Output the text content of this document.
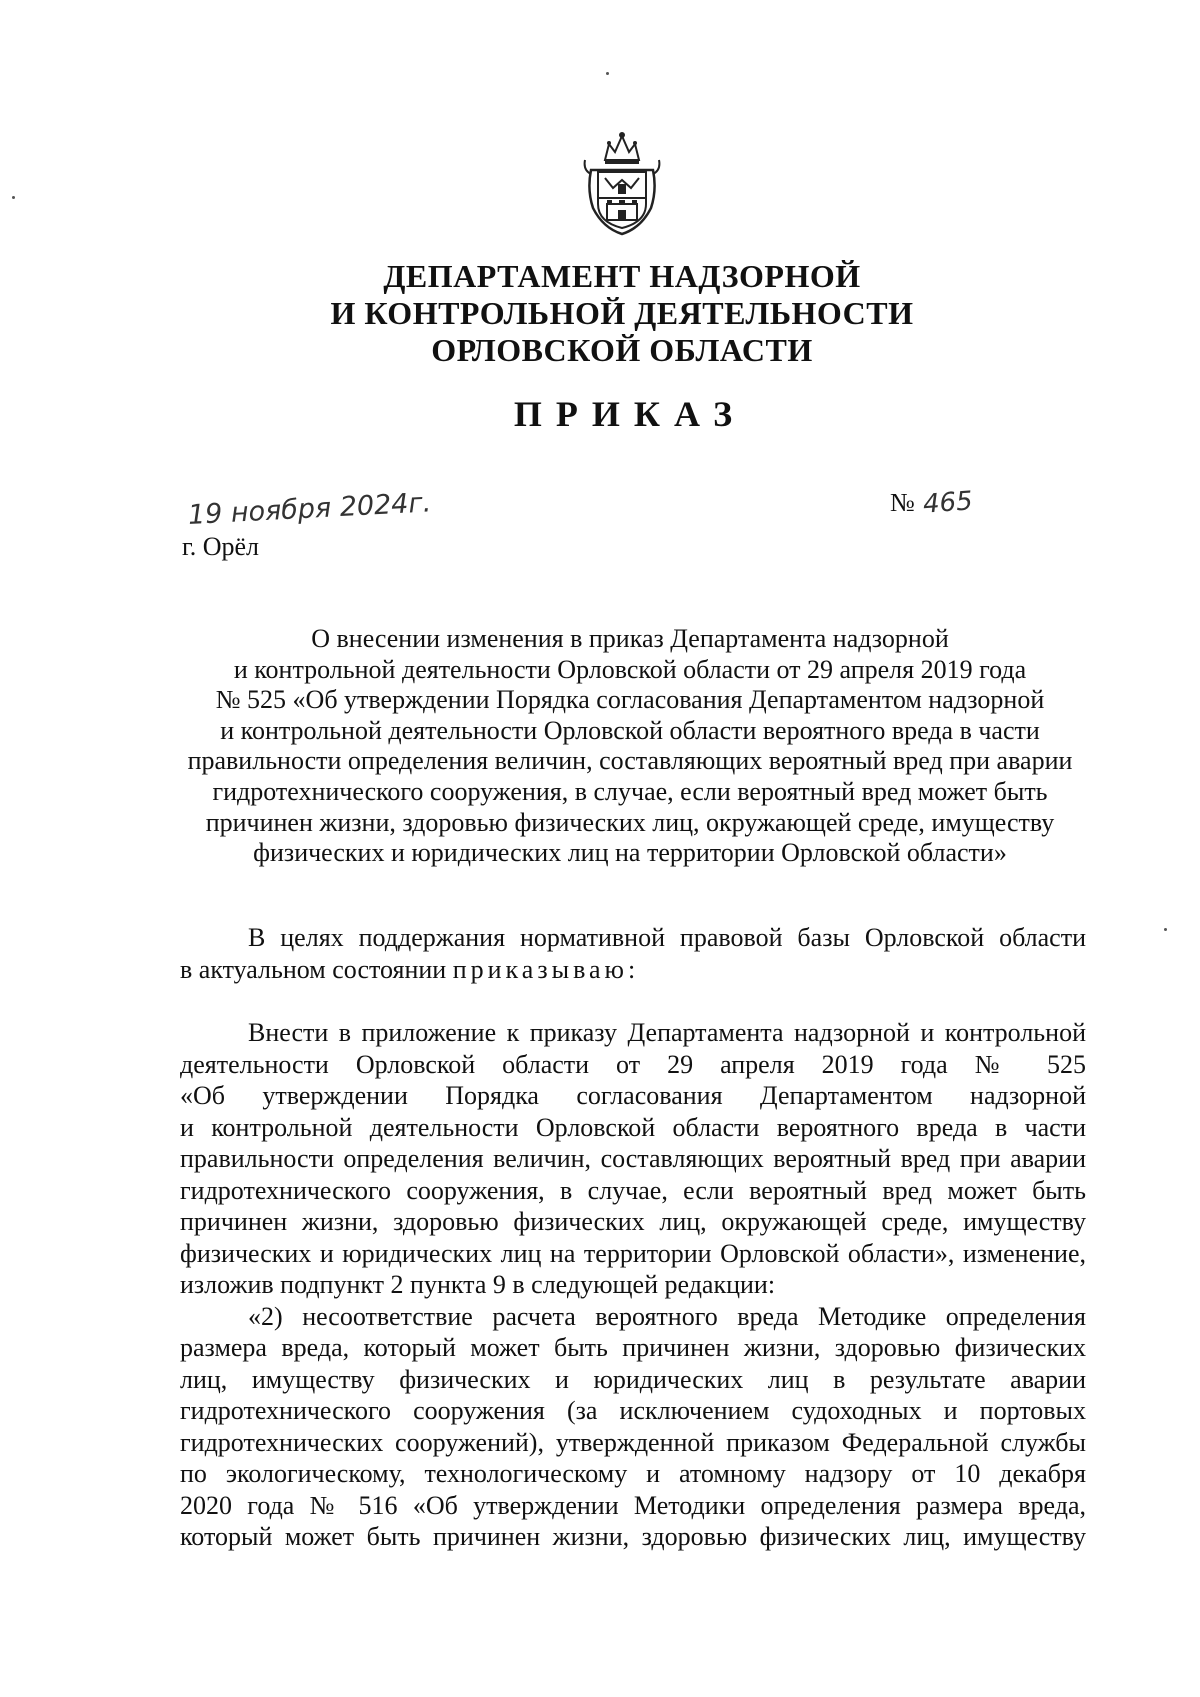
ДЕПАРТАМЕНТ НАДЗОРНОЙ
И КОНТРОЛЬНОЙ ДЕЯТЕЛЬНОСТИ
ОРЛОВСКОЙ ОБЛАСТИ
ПРИКАЗ
19 ноября 2024г.
г. Орёл
№ 465
О внесении изменения в приказ Департамента надзорной
и контрольной деятельности Орловской области от 29 апреля 2019 года
№ 525 «Об утверждении Порядка согласования Департаментом надзорной
и контрольной деятельности Орловской области вероятного вреда в части
правильности определения величин, составляющих вероятный вред при аварии
гидротехнического сооружения, в случае, если вероятный вред может быть
причинен жизни, здоровью физических лиц, окружающей среде, имуществу
физических и юридических лиц на территории Орловской области»
В целях поддержания нормативной правовой базы Орловской области
в актуальном состоянии приказываю:
Внести в приложение к приказу Департамента надзорной и контрольной
деятельности Орловской области от 29 апреля 2019 года № 525
«Об утверждении Порядка согласования Департаментом надзорной
и контрольной деятельности Орловской области вероятного вреда в части
правильности определения величин, составляющих вероятный вред при аварии
гидротехнического сооружения, в случае, если вероятный вред может быть
причинен жизни, здоровью физических лиц, окружающей среде, имуществу
физических и юридических лиц на территории Орловской области», изменение,
изложив подпункт 2 пункта 9 в следующей редакции:
«2) несоответствие расчета вероятного вреда Методике определения
размера вреда, который может быть причинен жизни, здоровью физических
лиц, имуществу физических и юридических лиц в результате аварии
гидротехнического сооружения (за исключением судоходных и портовых
гидротехнических сооружений), утвержденной приказом Федеральной службы
по экологическому, технологическому и атомному надзору от 10 декабря
2020 года № 516 «Об утверждении Методики определения размера вреда,
который может быть причинен жизни, здоровью физических лиц, имуществу
